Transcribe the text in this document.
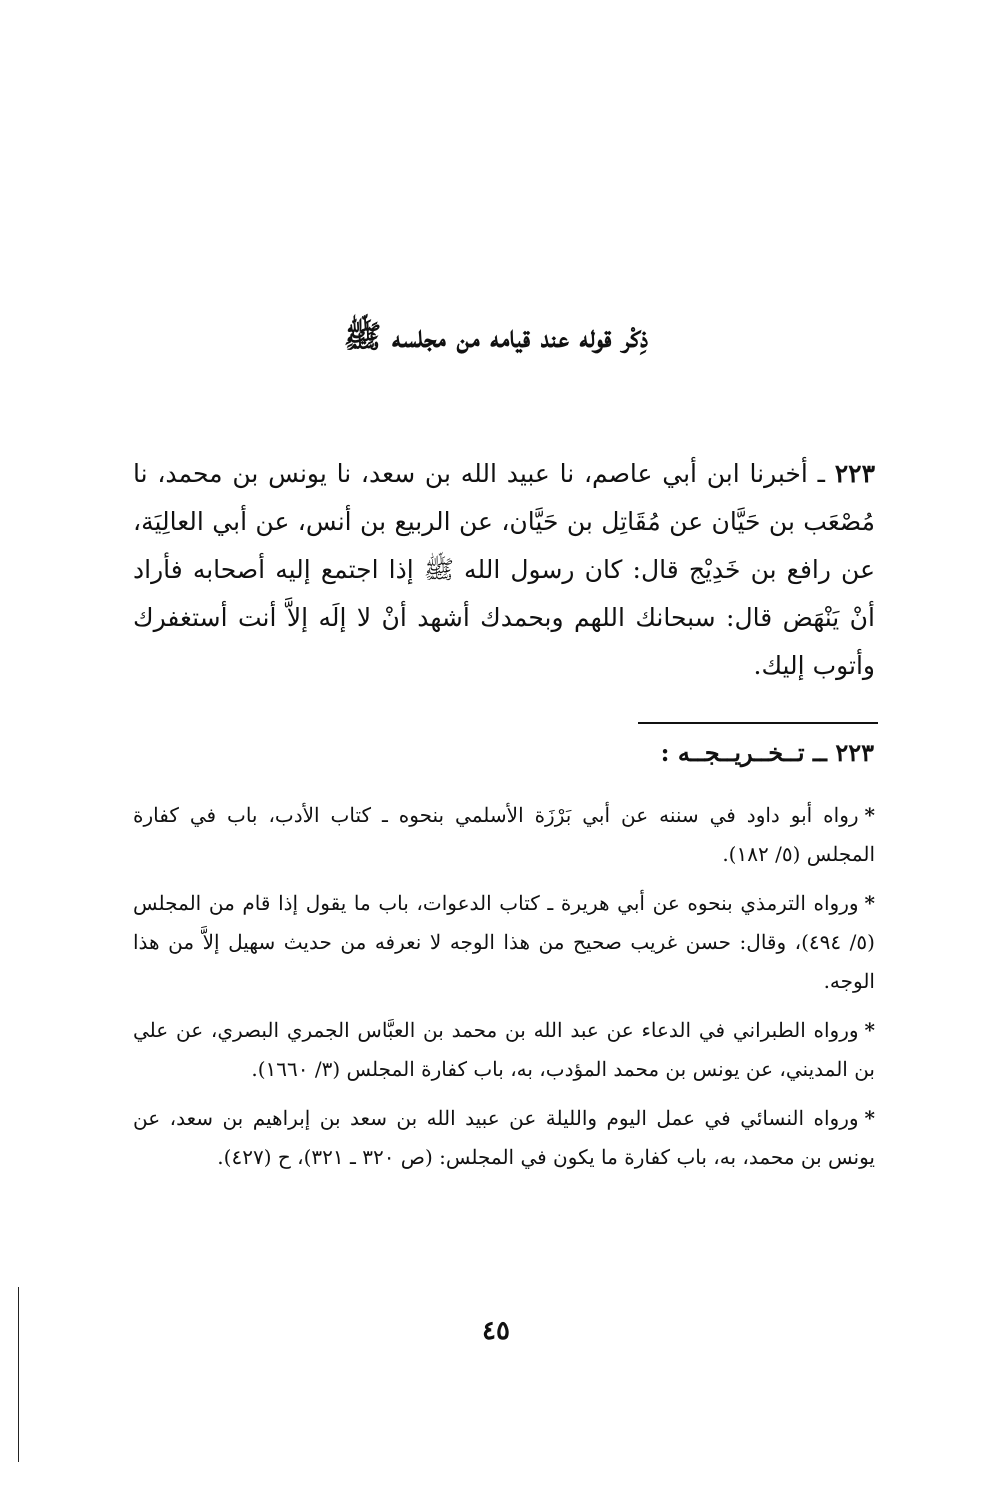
ذِكْر قوله عند قيامه من مجلسه ﷺ
٢٢٣ ـ أخبرنا ابن أبي عاصم، نا عبيد الله بن سعد، نا يونس بن محمد، نا مُصْعَب بن حَيَّان عن مُقَاتِل بن حَيَّان، عن الربيع بن أنس، عن أبي العالِيَة، عن رافع بن خَدِيْج قال: كان رسول الله ﷺ إذا اجتمع إليه أصحابه فأراد أنْ يَنْهَض قال: سبحانك اللهم وبحمدك أشهد أنْ لا إلَه إلاَّ أنت أستغفرك وأتوب إليك.
٢٢٣ ــ تــخــريــجــه :
*رواه أبو داود في سننه عن أبي بَرْزَة الأسلمي بنحوه ـ كتاب الأدب، باب في كفارة المجلس (٥/ ١٨٢).
*ورواه الترمذي بنحوه عن أبي هريرة ـ كتاب الدعوات، باب ما يقول إذا قام من المجلس (٥/ ٤٩٤)، وقال: حسن غريب صحيح من هذا الوجه لا نعرفه من حديث سهيل إلاَّ من هذا الوجه.
*ورواه الطبراني في الدعاء عن عبد الله بن محمد بن العبَّاس الجمري البصري، عن علي بن المديني، عن يونس بن محمد المؤدب، به، باب كفارة المجلس (٣/ ١٦٦٠).
*ورواه النسائي في عمل اليوم والليلة عن عبيد الله بن سعد بن إبراهيم بن سعد، عن يونس بن محمد، به، باب كفارة ما يكون في المجلس: (ص ٣٢٠ ـ ٣٢١)، ح (٤٢٧).
٤٥
